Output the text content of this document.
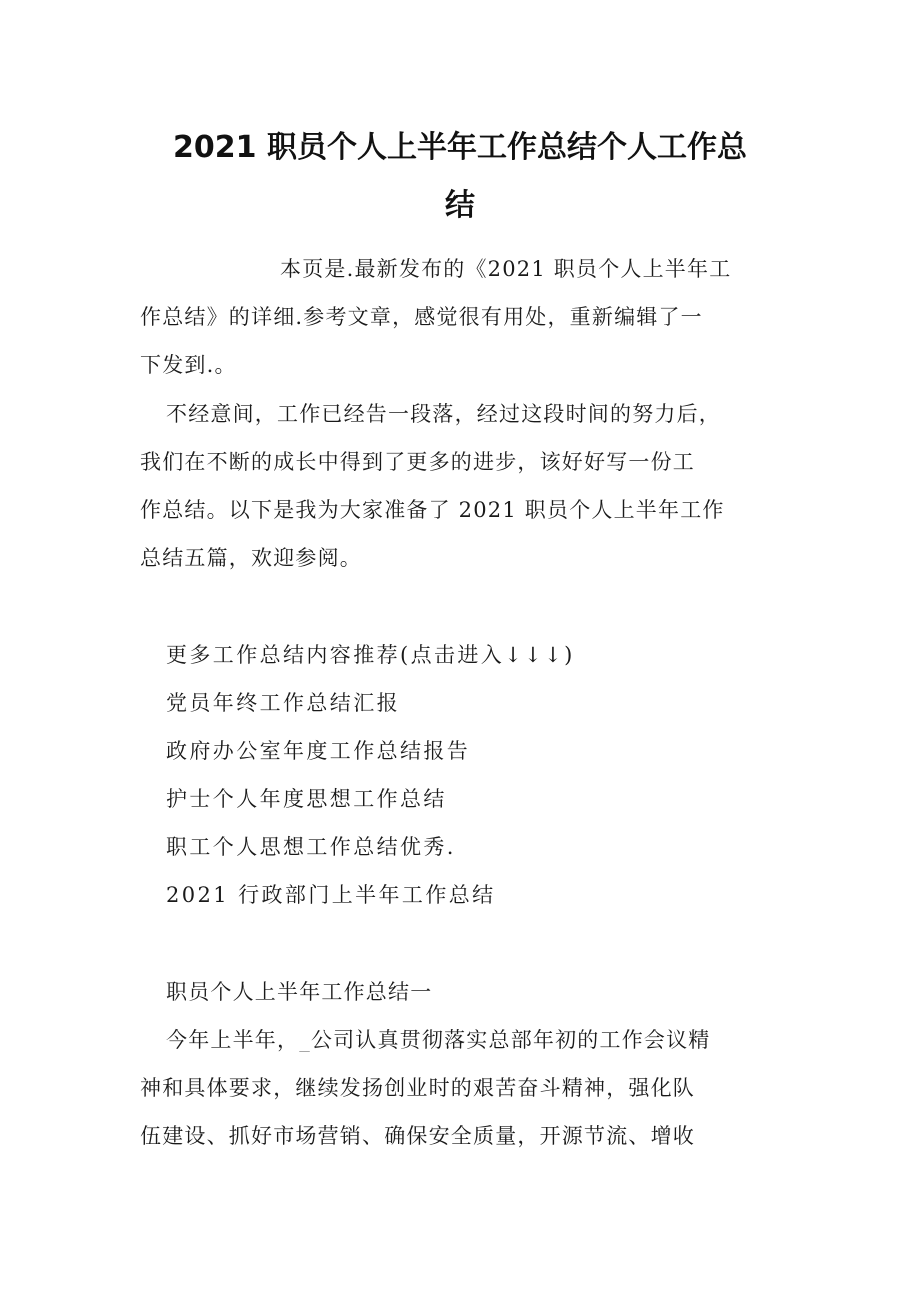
2021 职员个人上半年工作总结个人工作总
结
本页是.最新发布的《2021 职员个人上半年工
作总结》的详细.参考文章，感觉很有用处，重新编辑了一
下发到.。
不经意间，工作已经告一段落，经过这段时间的努力后，
我们在不断的成长中得到了更多的进步，该好好写一份工
作总结。以下是我为大家准备了 2021 职员个人上半年工作
总结五篇，欢迎参阅。
更多工作总结内容推荐(点击进入↓↓↓)
党员年终工作总结汇报
政府办公室年度工作总结报告
护士个人年度思想工作总结
职工个人思想工作总结优秀.
2021 行政部门上半年工作总结
职员个人上半年工作总结一
今年上半年，_公司认真贯彻落实总部年初的工作会议精
神和具体要求，继续发扬创业时的艰苦奋斗精神，强化队
伍建设、抓好市场营销、确保安全质量，开源节流、增收
